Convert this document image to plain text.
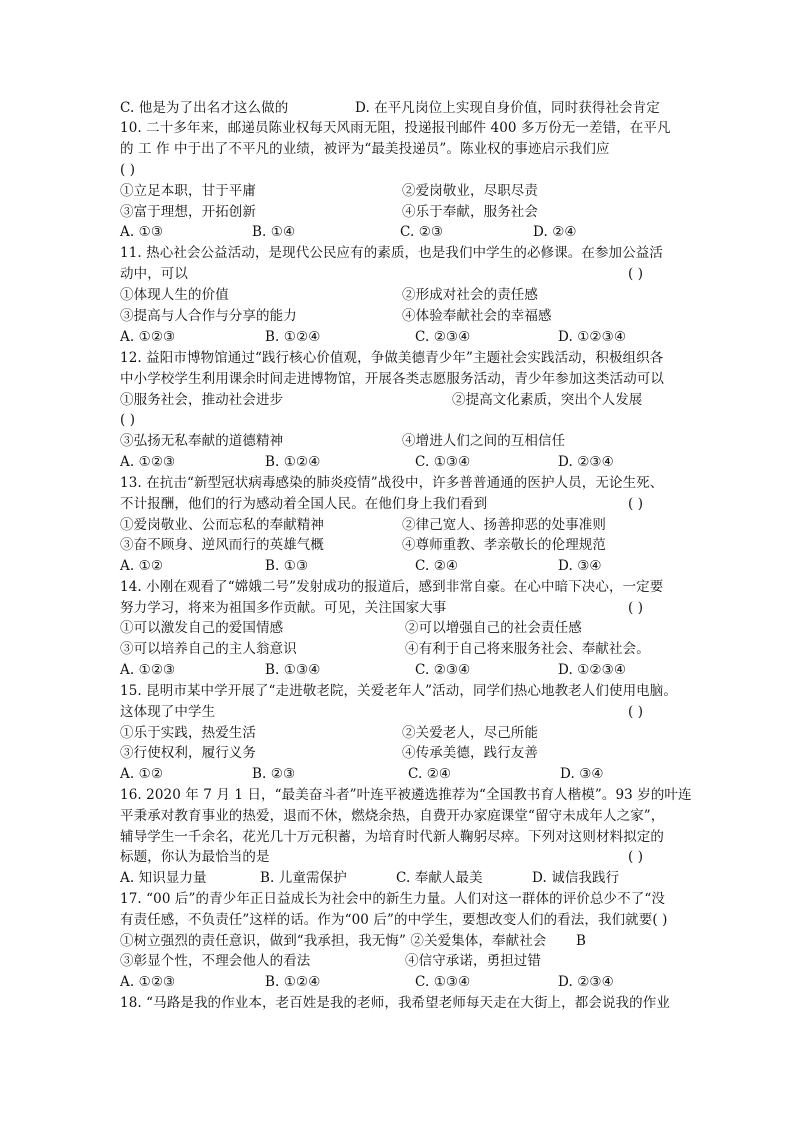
C. 他是为了出名才这么做的	D. 在平凡岗位上实现自身价值，同时获得社会肯定
10. 二十多年来，邮递员陈业权每天风雨无阻，投递报刊邮件 400 多万份无一差错，在平凡
的 工 作 中于出了不平凡的业绩，被评为“最美投递员”。陈业权的事迹启示我们应
( )
①立足本职，甘于平庸	②爱岗敬业，尽职尽责
③富于理想，开拓创新	④乐于奉献，服务社会
A. ①③	B. ①④	C. ②③	D. ②④
11. 热心社会公益活动，是现代公民应有的素质，也是我们中学生的必修课。在参加公益活
动中，可以	( )
①体现人生的价值	②形成对社会的责任感
③提高与人合作与分享的能力	④体验奉献社会的幸福感
A. ①②③	B. ①②④	C. ②③④	D. ①②③④
12. 益阳市博物馆通过“践行核心价值观，争做美德青少年”主题社会实践活动，积极组织各
中小学校学生利用课余时间走进博物馆，开展各类志愿服务活动，青少年参加这类活动可以
①服务社会，推动社会进步	②提高文化素质，突出个人发展
( )
③弘扬无私奉献的道德精神	④增进人们之间的互相信任
A. ①②③	B. ①②④	C. ①③④	D. ②③④
13. 在抗击“新型冠状病毒感染的肺炎疫情”战役中，许多普普通通的医护人员，无论生死、
不计报酬，他们的行为感动着全国人民。在他们身上我们看到	( )
①爱岗敬业、公而忘私的奉献精神	②律己宽人、扬善抑恶的处事准则
③奋不顾身、逆风而行的英雄气概	④尊师重教、孝亲敬长的伦理规范
A. ①②	B. ①③	C. ②④	D. ③④
14. 小刚在观看了“嫦娥二号”发射成功的报道后，感到非常自豪。在心中暗下决心，一定要
努力学习，将来为祖国多作贡献。可见，关注国家大事	( )
①可以激发自己的爱国情感	②可以增强自己的社会责任感
③可以培养自己的主人翁意识	④有利于自己将来服务社会、奉献社会。
A. ①②③	B. ①③④	C. ②③④	D. ①②③④
15. 昆明市某中学开展了“走进敬老院，关爱老年人”活动，同学们热心地教老人们使用电脑。
这体现了中学生	( )
①乐于实践，热爱生活	②关爱老人，尽己所能
③行使权利，履行义务	④传承美德，践行友善
A. ①②	B. ②③	C. ②④	D. ③④
16. 2020 年 7 月 1 日，“最美奋斗者”叶连平被遴选推荐为“全国教书育人楷模”。93 岁的叶连
平秉承对教育事业的热爱，退而不休，燃烧余热，自费开办家庭课堂“留守未成年人之家”，
辅导学生一千余名，花光几十万元积蓄，为培育时代新人鞠躬尽瘁。下列对这则材料拟定的
标题，你认为最恰当的是	( )
A. 知识显力量	B. 儿童需保护	C. 奉献人最美	D. 诚信我践行
17. “00 后”的青少年正日益成长为社会中的新生力量。人们对这一群体的评价总少不了“没
有责任感，不负责任”这样的话。作为“00 后”的中学生，要想改变人们的看法，我们就要( )
①树立强烈的责任意识，做到“我承担，我无悔” ②关爱集体，奉献社会 B
③彰显个性，不理会他人的看法	④信守承诺，勇担过错
A. ①②③	B. ①②④	C. ①③④	D. ②③④
18. “马路是我的作业本，老百姓是我的老师，我希望老师每天走在大街上，都会说我的作业
